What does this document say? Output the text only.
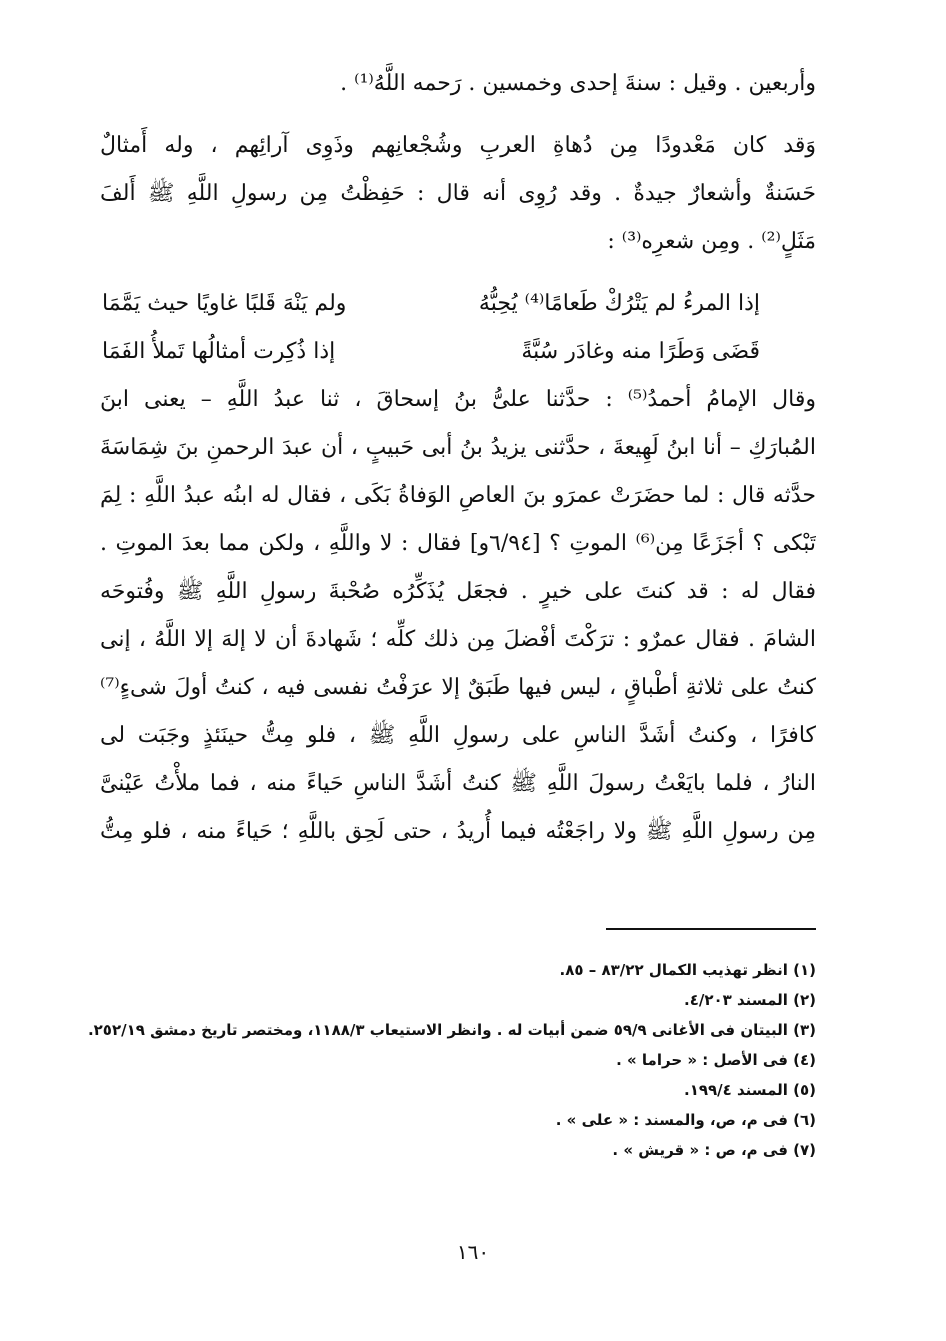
وأربعين . وقيل : سنةَ إحدى وخمسين . رَحمه اللَّهُ⁽¹⁾ .
وَقد كان مَعْدودًا مِن دُهاةِ العربِ وشُجْعانِهم وذَوِى آرائِهم ، وله أَمثالٌ
حَسَنةٌ وأشعارٌ جيدةٌ . وقد رُوِى أنه قال : حَفِظْتُ مِن رسولِ اللَّهِ ﷺ أَلفَ
مَثَلٍ⁽²⁾ . ومِن شعرِه⁽³⁾ :
إذا المرءُ لم يَتْرُكْ طَعامًا⁽⁴⁾ يُحِبُّهُ
ولم يَنْهَ قَلبًا غاويًا حيث يَمَّمَا
قَضَى وَطَرًا منه وغادَر سُبَّةً
إذا ذُكِرت أمثالُها تَملأُ الفَمَا
وقال الإمامُ أحمدُ⁽⁵⁾ : حدَّثنا علىُّ بنُ إسحاقَ ، ثنا عبدُ اللَّهِ – يعنى ابنَ
المُبارَكِ – أنا ابنُ لَهِيعةَ ، حدَّثنى يزيدُ بنُ أبى حَبيبٍ ، أن عبدَ الرحمنِ بنَ شِمَاسَةَ
حدَّثه قال : لما حضَرَتْ عمرَو بنَ العاصِ الوَفاةُ بَكَى ، فقال له ابنُه عبدُ اللَّهِ : لِمَ
تَبْكى ؟ أجَزَعًا مِن⁽⁶⁾ الموتِ ؟ [٦/٩٤و] فقال : لا واللَّهِ ، ولكن مما بعدَ الموتِ .
فقال له : قد كنتَ على خيرٍ . فجعَل يُذَكِّرُه صُحْبةَ رسولِ اللَّهِ ﷺ وفُتوحَه
الشامَ . فقال عمرٌو : ترَكْتَ أفْضلَ مِن ذلك كلِّه ؛ شَهادةَ أن لا إلهَ إلا اللَّهُ ، إنى
كنتُ على ثلاثةِ أطْباقٍ ، ليس فيها طَبَقٌ إلا عرَفْتُ نفسى فيه ، كنتُ أولَ شىءٍ⁽⁷⁾
كافرًا ، وكنتُ أشَدَّ الناسِ على رسولِ اللَّهِ ﷺ ، فلو مِتُّ حينَئذٍ وجَبَت لى
النارُ ، فلما بايَعْتُ رسولَ اللَّهِ ﷺ كنتُ أشَدَّ الناسِ حَياءً منه ، فما ملأْتُ عَيْنىَّ
مِن رسولِ اللَّهِ ﷺ ولا راجَعْتُه فيما أُريدُ ، حتى لَحِق باللَّهِ ؛ حَياءً منه ، فلو مِتُّ
(١) انظر تهذيب الكمال ٨٣/٢٢ – ٨٥.
(٢) المسند ٤/٢٠٣.
(٣) البيتان فى الأغانى ٥٩/٩ ضمن أبيات له . وانظر الاستيعاب ١١٨٨/٣، ومختصر تاريخ دمشق ٢٥٢/١٩.
(٤) فى الأصل : « حراما » .
(٥) المسند ١٩٩/٤.
(٦) فى م، ص، والمسند : « على » .
(٧) فى م، ص : « قريش » .
١٦٠
